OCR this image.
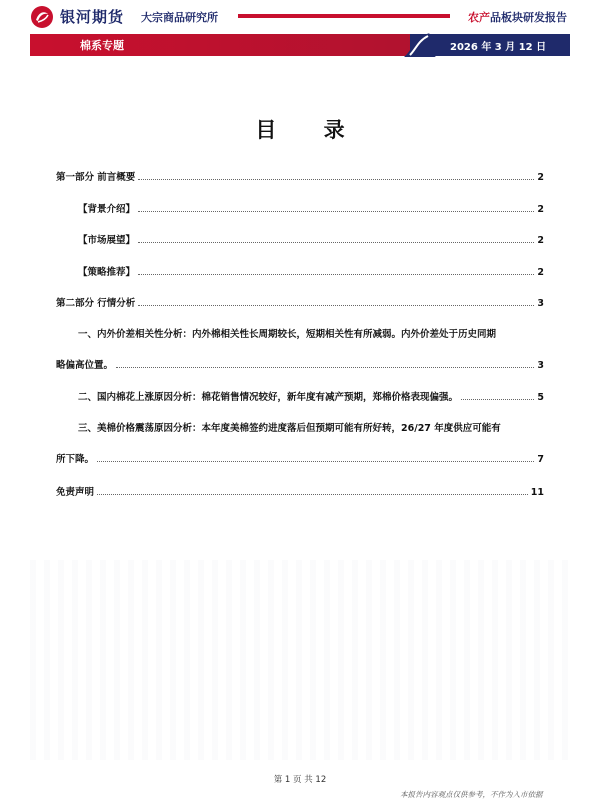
银河期货 大宗商品研究所	农产品板块研发报告
棉系专题	2026 年 3 月 12 日
目 录
第一部分 前言概要	2
【背景介绍】	2
【市场展望】	2
【策略推荐】	2
第二部分 行情分析	3
一、内外价差相关性分析：内外棉相关性长周期较长，短期相关性有所减弱。内外价差处于历史同期
略偏高位置。	3
二、国内棉花上涨原因分析：棉花销售情况较好，新年度有减产预期，郑棉价格表现偏强。	5
三、美棉价格震荡原因分析：本年度美棉签约进度落后但预期可能有所好转，26/27 年度供应可能有
所下降。	7
免责声明	11
第 1 页 共 12
本报告内容观点仅供参考，不作为入市依据
